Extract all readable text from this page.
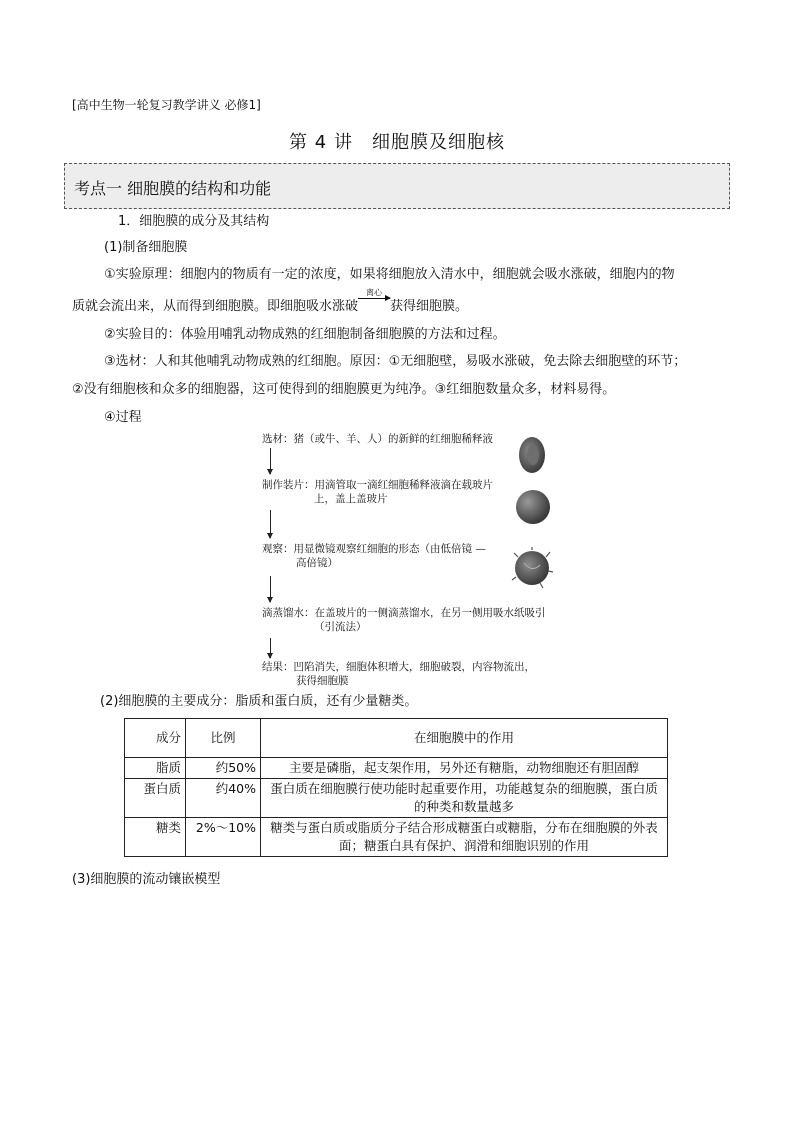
[高中生物一轮复习教学讲义 必修1]
第 4 讲　细胞膜及细胞核
考点一 细胞膜的结构和功能
1．细胞膜的成分及其结构
(1)制备细胞膜
①实验原理：细胞内的物质有一定的浓度，如果将细胞放入清水中，细胞就会吸水涨破，细胞内的物
质就会流出来，从而得到细胞膜。即细胞吸水涨破
离心
获得细胞膜。
②实验目的：体验用哺乳动物成熟的红细胞制备细胞膜的方法和过程。
③选材：人和其他哺乳动物成熟的红细胞。原因：①无细胞壁，易吸水涨破，免去除去细胞壁的环节；
②没有细胞核和众多的细胞器，这可使得到的细胞膜更为纯净。③红细胞数量众多，材料易得。
④过程
选材：猪（或牛、羊、人）的新鲜的红细胞稀释液
制作装片：用滴管取一滴红细胞稀释液滴在载玻片
上，盖上盖玻片
观察：用显微镜观察红细胞的形态（由低倍镜 —
高倍镜）
滴蒸馏水：在盖玻片的一侧滴蒸馏水，在另一侧用吸水纸吸引
（引流法）
结果：凹陷消失，细胞体积增大，细胞破裂，内容物流出，
获得细胞膜
(2)细胞膜的主要成分：脂质和蛋白质，还有少量糖类。
成分	比例	在细胞膜中的作用
脂质	约50%	主要是磷脂，起支架作用，另外还有糖脂，动物细胞还有胆固醇
蛋白质	约40%	蛋白质在细胞膜行使功能时起重要作用，功能越复杂的细胞膜，蛋白质的种类和数量越多
糖类	2%～10%	糖类与蛋白质或脂质分子结合形成糖蛋白或糖脂，分布在细胞膜的外表面；糖蛋白具有保护、润滑和细胞识别的作用
(3)细胞膜的流动镶嵌模型
